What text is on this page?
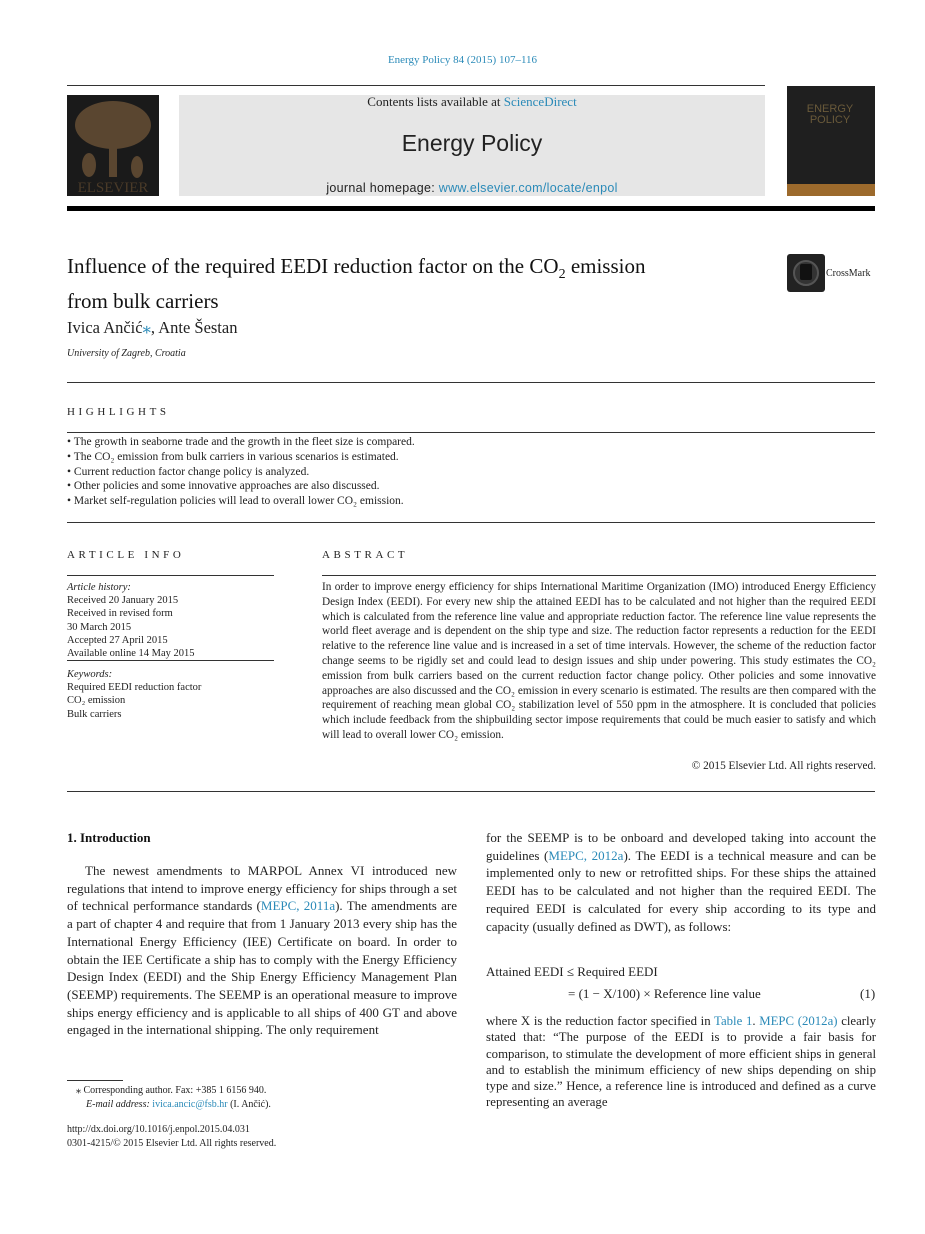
Energy Policy 84 (2015) 107–116
ELSEVIER
Contents lists available at ScienceDirect
Energy Policy
journal homepage: www.elsevier.com/locate/enpol
ENERGY POLICY
Influence of the required EEDI reduction factor on the $CO_2$ emission
from bulk carriers
CrossMark
Ivica Ančić⁎, Ante Šestan
University of Zagreb, Croatia
HIGHLIGHTS
• The growth in seaborne trade and the growth in the fleet size is compared.
• The CO₂ emission from bulk carriers in various scenarios is estimated.
• Current reduction factor change policy is analyzed.
• Other policies and some innovative approaches are also discussed.
• Market self-regulation policies will lead to overall lower CO₂ emission.
ARTICLE INFO
Article history:
Received 20 January 2015
Received in revised form
30 March 2015
Accepted 27 April 2015
Available online 14 May 2015
Keywords:
Required EEDI reduction factor
CO₂ emission
Bulk carriers
ABSTRACT
In order to improve energy efficiency for ships International Maritime Organization (IMO) introduced Energy Efficiency Design Index (EEDI). For every new ship the attained EEDI has to be calculated and not higher than the required EEDI which is calculated from the reference line value and appropriate reduction factor. The reference line value represents the world fleet average and is dependent on the ship type and size. The reduction factor represents a reduction for the EEDI relative to the reference line value and is increased in a set of time intervals. However, the scheme of the reduction factor change seems to be rigidly set and could lead to design issues and ship under powering. This study estimates the CO₂ emission from bulk carriers based on the current reduction factor change policy. Other policies and some innovative approaches are also discussed and the CO₂ emission in every scenario is estimated. The results are then compared with the requirement of reaching mean global CO₂ stabilization level of 550 ppm in the atmosphere. It is concluded that policies which include feedback from the shipbuilding sector impose requirements that could be much easier to satisfy and which will lead to overall lower CO₂ emission.
© 2015 Elsevier Ltd. All rights reserved.
1. Introduction
The newest amendments to MARPOL Annex VI introduced new regulations that intend to improve energy efficiency for ships through a set of technical performance standards (MEPC, 2011a). The amendments are a part of chapter 4 and require that from 1 January 2013 every ship has the International Energy Efficiency (IEE) Certificate on board. In order to obtain the IEE Certificate a ship has to comply with the Energy Efficiency Design Index (EEDI) and the Ship Energy Efficiency Management Plan (SEEMP) requirements. The SEEMP is an operational measure to improve ships energy efficiency and is applicable to all ships of 400 GT and above engaged in the international shipping. The only requirement
for the SEEMP is to be onboard and developed taking into account the guidelines (MEPC, 2012a). The EEDI is a technical measure and can be implemented only to new or retrofitted ships. For these ships the attained EEDI has to be calculated and not higher than the required EEDI. The required EEDI is calculated for every ship according to its type and capacity (usually defined as DWT), as follows:
Attained EEDI ≤ Required EEDI
= (1 − X/100) × Reference line value	(1)
where X is the reduction factor specified in Table 1. MEPC (2012a) clearly stated that: “The purpose of the EEDI is to provide a fair basis for comparison, to stimulate the development of more efficient ships in general and to establish the minimum efficiency of new ships depending on ship type and size.” Hence, a reference line is introduced and defined as a curve representing an average
⁎ Corresponding author. Fax: +385 1 6156 940.
E-mail address: ivica.ancic@fsb.hr (I. Ančić).
http://dx.doi.org/10.1016/j.enpol.2015.04.031
0301-4215/© 2015 Elsevier Ltd. All rights reserved.
